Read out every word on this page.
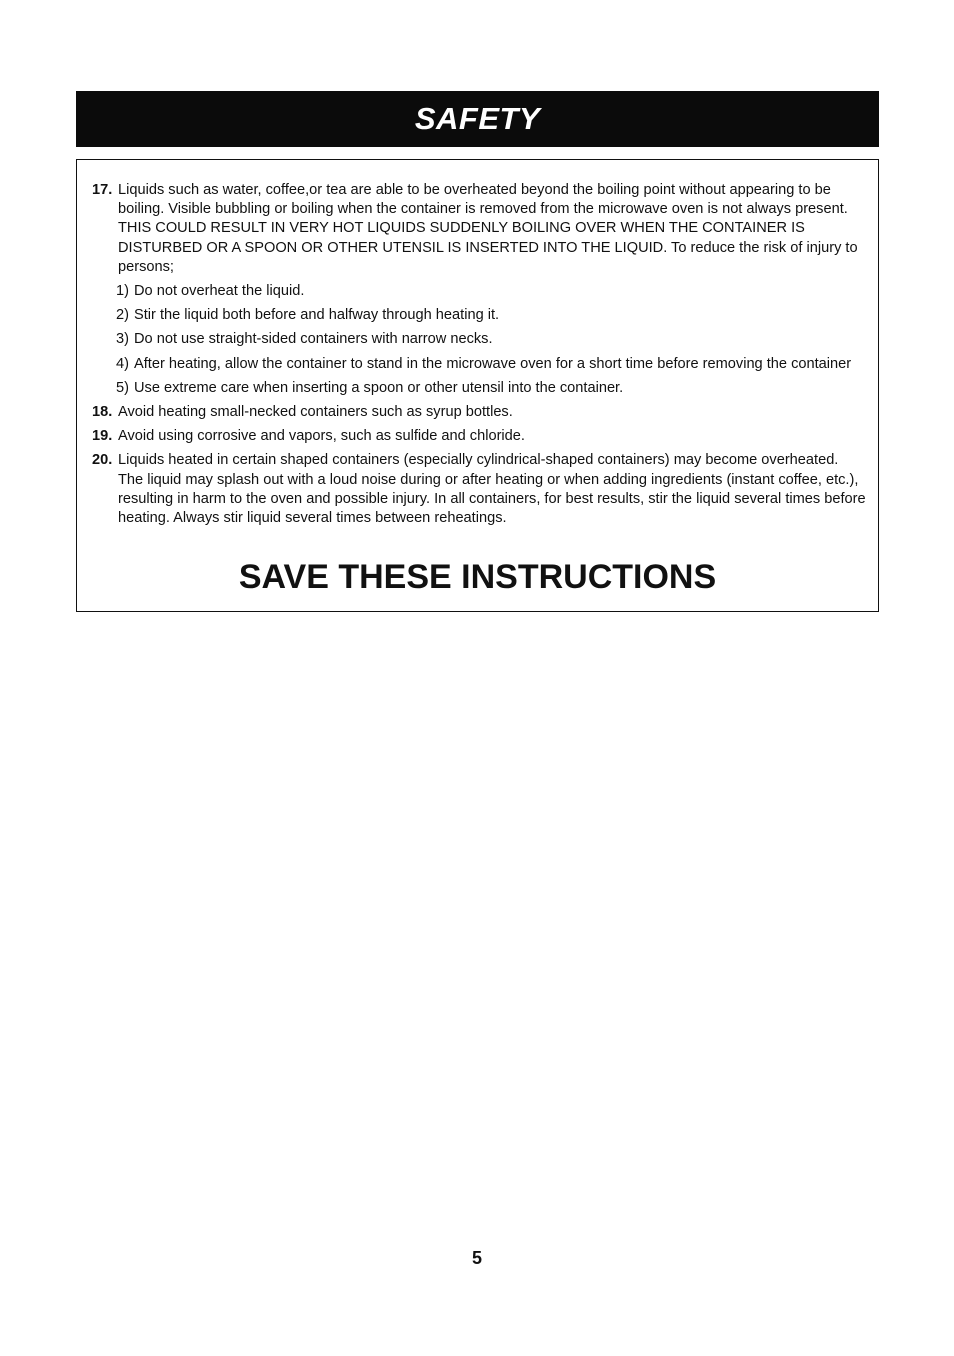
SAFETY
17. Liquids such as water, coffee,or tea are able to be overheated beyond the boiling point without appearing to be boiling. Visible bubbling or boiling when the container is removed from the microwave oven is not always present. THIS COULD RESULT IN VERY HOT LIQUIDS SUDDENLY BOILING OVER WHEN THE CONTAINER IS DISTURBED OR A SPOON OR OTHER UTENSIL IS INSERTED INTO THE LIQUID. To reduce the risk of injury to persons;
1) Do not overheat the liquid.
2) Stir the liquid both before and halfway through heating it.
3) Do not use straight-sided containers with narrow necks.
4) After heating, allow the container to stand in the microwave oven for a short time before removing the container
5) Use extreme care when inserting a spoon or other utensil into the container.
18. Avoid heating small-necked containers such as syrup bottles.
19. Avoid using corrosive and vapors, such as sulfide and chloride.
20. Liquids heated in certain shaped containers (especially cylindrical-shaped containers) may become overheated. The liquid may splash out with a loud noise during or after heating or when adding ingredients (instant coffee, etc.), resulting in harm to the oven and possible injury. In all containers, for best results, stir the liquid several times before heating. Always stir liquid several times between reheatings.
SAVE THESE INSTRUCTIONS
5
